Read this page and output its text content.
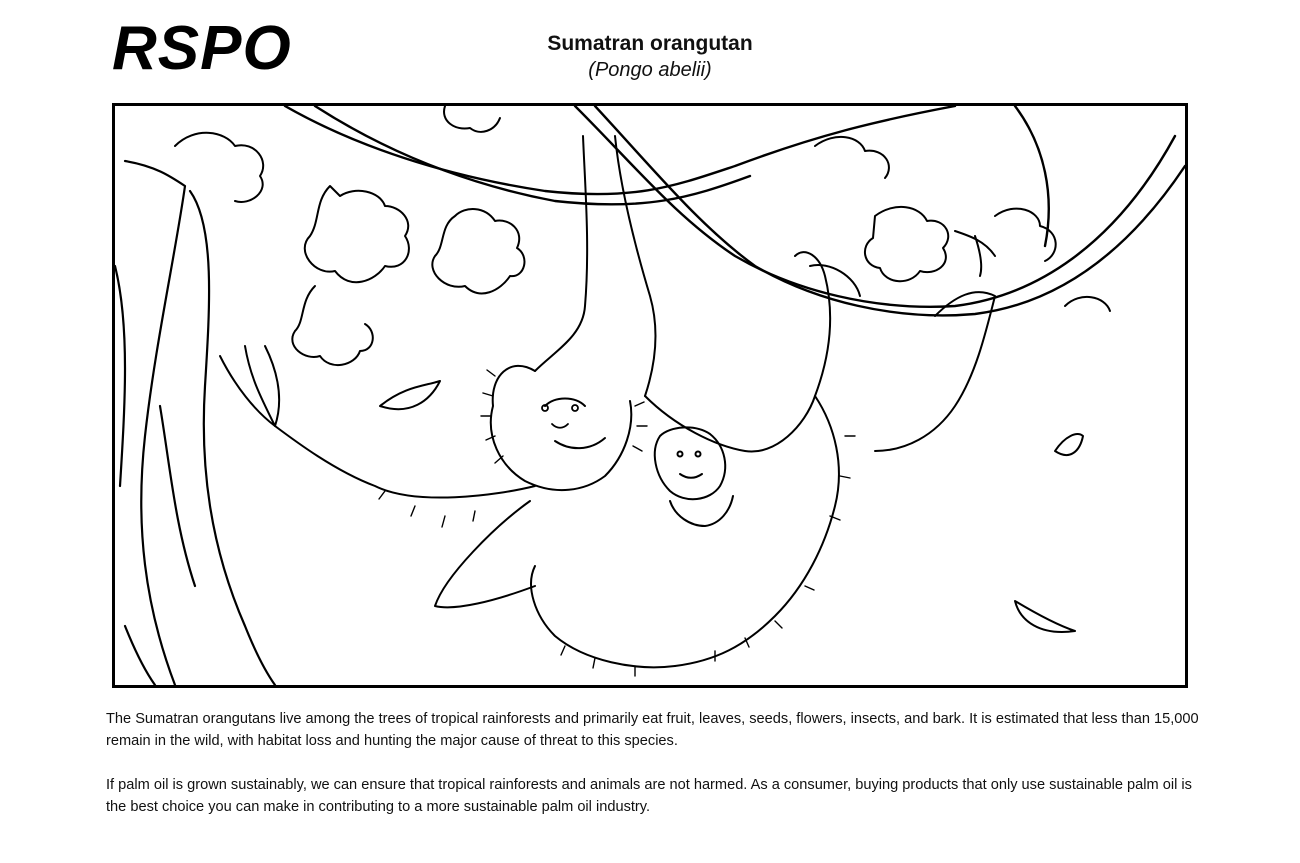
RSPO	Sumatran orangutan
(Pongo abelii)
The Sumatran orangutans live among the trees of tropical rainforests and primarily eat fruit, leaves, seeds, flowers, insects, and bark. It is estimated that less than 15,000 remain in the wild, with habitat loss and hunting the major cause of threat to this species.
If palm oil is grown sustainably, we can ensure that tropical rainforests and animals are not harmed. As a consumer, buying products that only use sustainable palm oil is the best choice you can make in contributing to a more sustainable palm oil industry.
